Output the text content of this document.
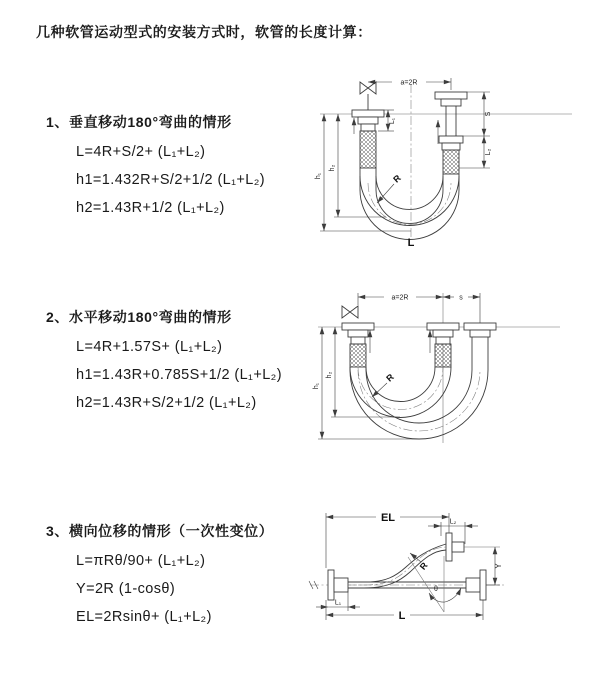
几种软管运动型式的安装方式时，软管的长度计算：

1、垂直移动180°弯曲的情形

L=4R+S/2+ (L₁+L₂)

h1=1.432R+S/2+1/2 (L₁+L₂)

h2=1.43R+1/2 (L₁+L₂)

2、水平移动180°弯曲的情形

L=4R+1.57S+ (L₁+L₂)

h1=1.43R+0.785S+1/2 (L₁+L₂)

h2=1.43R+S/2+1/2 (L₁+L₂)

3、横向位移的情形（一次性变位）

L=πRθ/90+ (L₁+L₂)

Y=2R (1-cosθ)

EL=2Rsinθ+ (L₁+L₂)

a=2R
h₁
h₂
L₁
S
L₂
R
L
a=2R	s
h₁
h₂	R
θ
EL	L₂
Y
L
L₁
R
